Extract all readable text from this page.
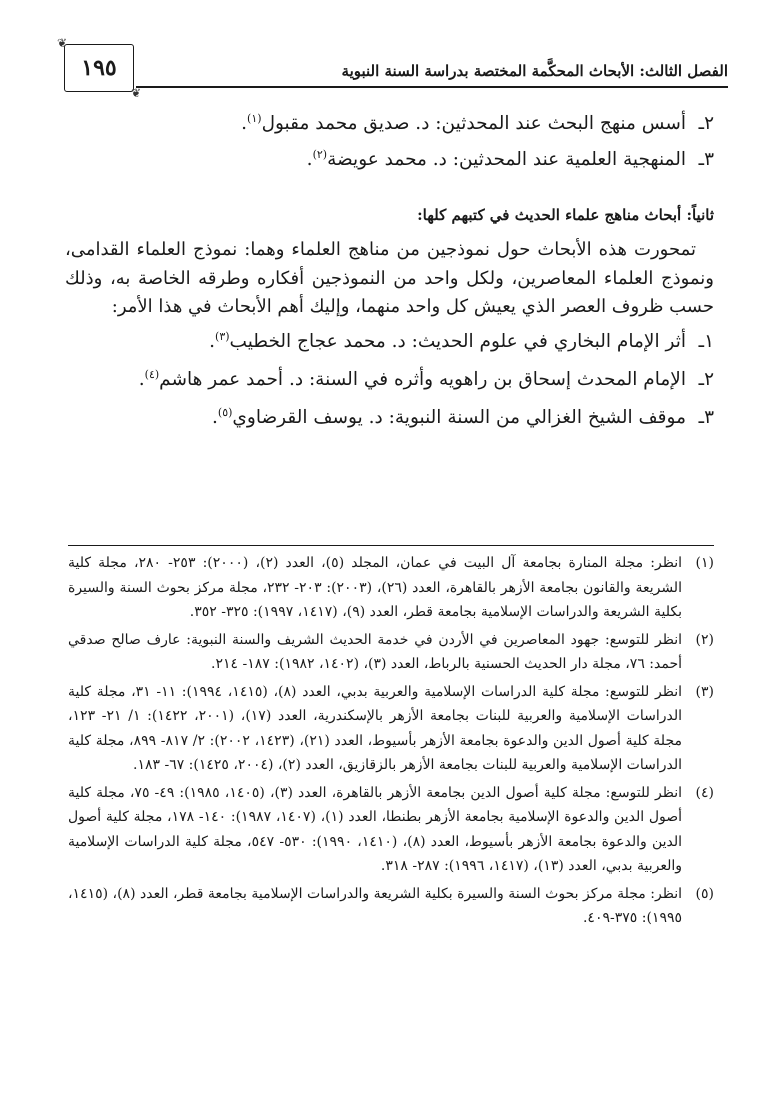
❦
❦
١٩٥	الفصل الثالث: الأبحاث المحكَّمة المختصة بدراسة السنة النبوية
٢ـ
أسس منهج البحث عند المحدثين: د. صديق محمد مقبول$^{(١)}$.
٣ـ
المنهجية العلمية عند المحدثين: د. محمد عويضة$^{(٢)}$.
ثانياً: أبحاث مناهج علماء الحديث في كتبهم كلها:
تمحورت هذه الأبحاث حول نموذجين من مناهج العلماء وهما: نموذج العلماء القدامى، ونموذج العلماء المعاصرين، ولكل واحد من النموذجين أفكاره وطرقه الخاصة به، وذلك حسب ظروف العصر الذي يعيش كل واحد منهما، وإليك أهم الأبحاث في هذا الأمر:
١ـ
أثر الإمام البخاري في علوم الحديث: د. محمد عجاج الخطيب$^{(٣)}$.
٢ـ
الإمام المحدث إسحاق بن راهويه وأثره في السنة: د. أحمد عمر هاشم$^{(٤)}$.
٣ـ
موقف الشيخ الغزالي من السنة النبوية: د. يوسف القرضاوي$^{(٥)}$.
(١)
انظر: مجلة المنارة بجامعة آل البيت في عمان، المجلد (٥)، العدد (٢)، (٢٠٠٠): ٢٥٣- ٢٨٠، مجلة كلية الشريعة والقانون بجامعة الأزهر بالقاهرة، العدد (٢٦)، (٢٠٠٣): ٢٠٣- ٢٣٢، مجلة مركز بحوث السنة والسيرة بكلية الشريعة والدراسات الإسلامية بجامعة قطر، العدد (٩)، (١٤١٧، ١٩٩٧): ٣٢٥- ٣٥٢.
(٢)
انظر للتوسع: جهود المعاصرين في الأردن في خدمة الحديث الشريف والسنة النبوية: عارف صالح صدقي أحمد: ٧٦، مجلة دار الحديث الحسنية بالرباط، العدد (٣)، (١٤٠٢، ١٩٨٢): ١٨٧- ٢١٤.
(٣)
انظر للتوسع: مجلة كلية الدراسات الإسلامية والعربية بدبي، العدد (٨)، (١٤١٥، ١٩٩٤): ١١- ٣١، مجلة كلية الدراسات الإسلامية والعربية للبنات بجامعة الأزهر بالإسكندرية، العدد (١٧)، (٢٠٠١، ١٤٢٢): ١/ ٢١- ١٢٣، مجلة كلية أصول الدين والدعوة بجامعة الأزهر بأسيوط، العدد (٢١)، (١٤٢٣، ٢٠٠٢): ٢/ ٨١٧- ٨٩٩، مجلة كلية الدراسات الإسلامية والعربية للبنات بجامعة الأزهر بالزقازيق، العدد (٢)، (٢٠٠٤، ١٤٢٥): ٦٧- ١٨٣.
(٤)
انظر للتوسع: مجلة كلية أصول الدين بجامعة الأزهر بالقاهرة، العدد (٣)، (١٤٠٥، ١٩٨٥): ٤٩- ٧٥، مجلة كلية أصول الدين والدعوة الإسلامية بجامعة الأزهر بطنطا، العدد (١)، (١٤٠٧، ١٩٨٧): ١٤٠- ١٧٨، مجلة كلية أصول الدين والدعوة بجامعة الأزهر بأسيوط، العدد (٨)، (١٤١٠، ١٩٩٠): ٥٣٠- ٥٤٧، مجلة كلية الدراسات الإسلامية والعربية بدبي، العدد (١٣)، (١٤١٧، ١٩٩٦): ٢٨٧- ٣١٨.
(٥)
انظر: مجلة مركز بحوث السنة والسيرة بكلية الشريعة والدراسات الإسلامية بجامعة قطر، العدد (٨)، (١٤١٥، ١٩٩٥): ٣٧٥-٤٠٩.
